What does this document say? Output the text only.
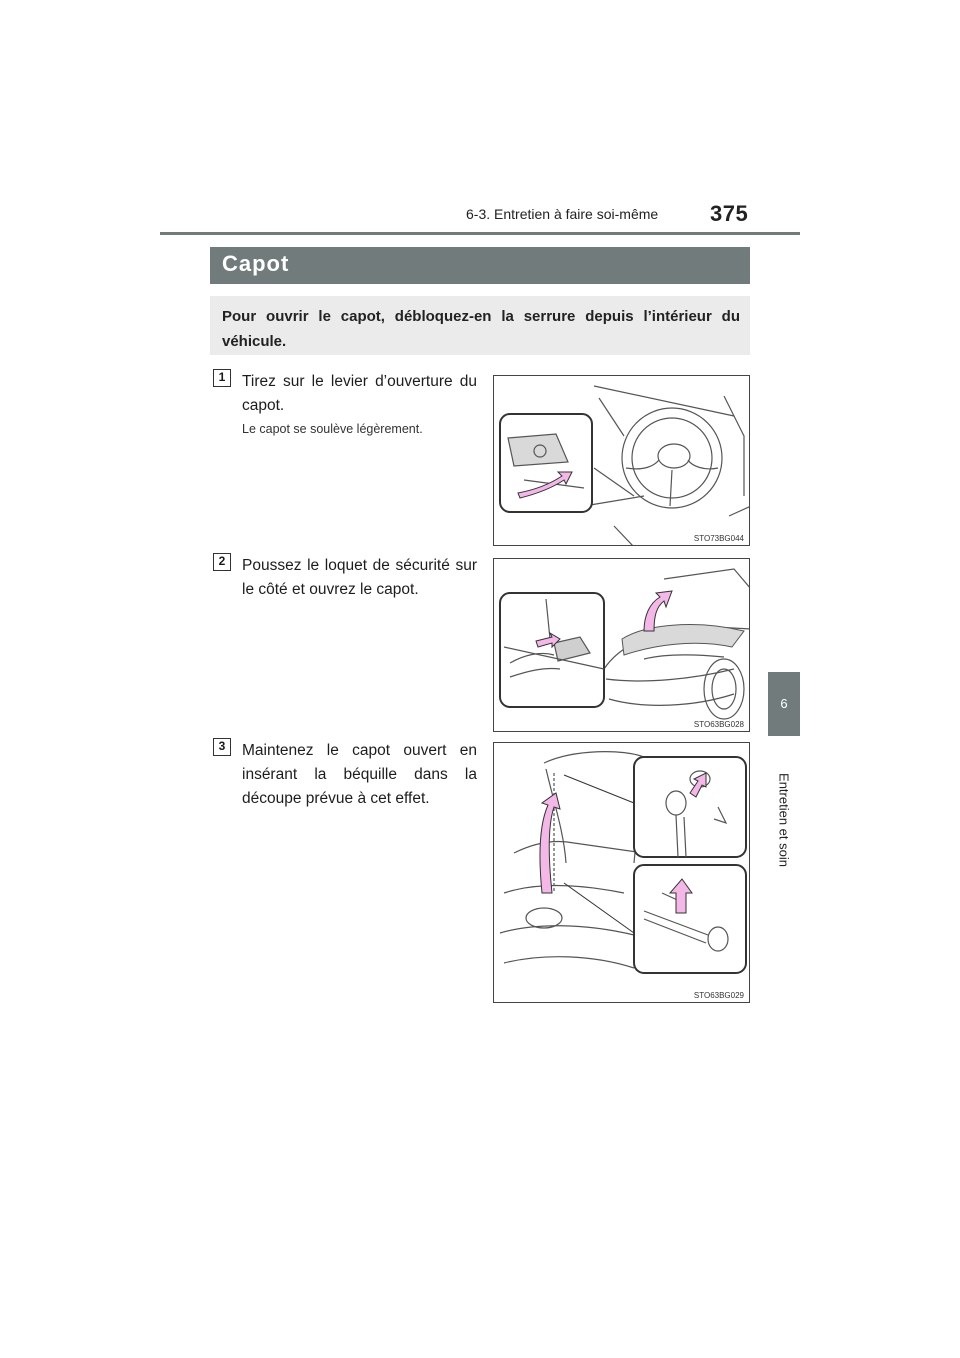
6-3. Entretien à faire soi-même 375
6
Entretien et soin
Capot

Pour ouvrir le capot, débloquez-en la serrure depuis l’intérieur du véhicule.

1	Tirez sur le levier d’ouverture du capot.

Le capot se soulève légèrement.

STO73BG044
2	Poussez le loquet de sécurité sur le côté et ouvrez le capot.

STO63BG028
3	Maintenez le capot ouvert en insérant la béquille dans la découpe prévue à cet effet.

STO63BG029
